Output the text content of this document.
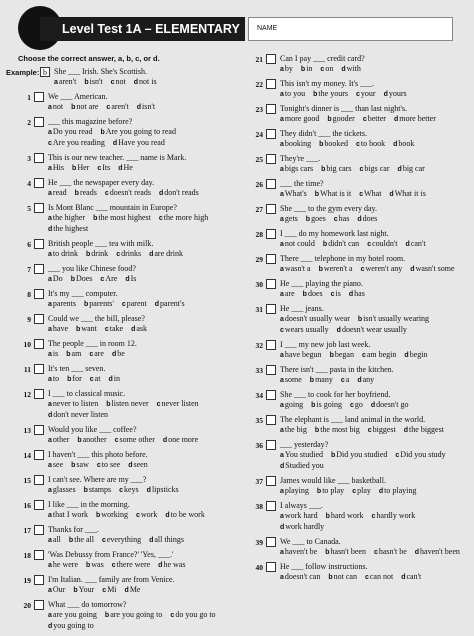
Level Test 1A – ELEMENTARY	NAME

Choose the correct answer, a, b, c, or d.

Example: b She ___ Irish. She's Scottish.
aaren't bisn't cnot dnot is
1 We ___ American.
anot bnot are caren't disn't
2 ___ this magazine before?
aDo you read bAre you going to read cAre you reading dHave you read
3 This is our new teacher. ___ name is Mark.
aHis bHer cIts dHe
4 He ___ the newspaper every day.
aread breads cdoesn't reads ddon't reads
5 Is Mont Blanc ___ mountain in Europe?
athe higher bthe most highest cthe more high dthe highest
6 British people ___ tea with milk.
ato drink bdrink cdrinks dare drink
7 ___ you like Chinese food?
aDo bDoes cAre dIs
8 It's my ___ computer.
aparents bparents' cparent dparent's
9 Could we ___ the bill, please?
ahave bwant ctake dask
10 The people ___ in room 12.
ais bam care dbe
11 It's ten ___ seven.
ato bfor cat din
12 I ___ to classical music.
anever to listen blisten never cnever listen ddon't never listen
13 Would you like ___ coffee?
aother banother csome other done more
14 I haven't ___ this photo before.
asee bsaw cto see dseen
15 I can't see. Where are my ___?
aglasses bstamps ckeys dlipsticks
16 I like ___ in the morning.
athat I work bworking cwork dto be work
17 Thanks for ___.
aall bthe all ceverything dall things
18 'Was Debussy from France?' 'Yes, ___.'
ahe were bwas cthere were dhe was
19 I'm Italian. ___ family are from Venice.
aOur bYour cMi dMe
20 What ___ do tomorrow?
aare you going bare you going to cdo you go to dyou going to
21 Can I pay ___ credit card?
aby bin con dwith
22 This isn't my money. It's ___.
ato you bthe yours cyour dyours
23 Tonight's dinner is ___ than last night's.
amore good bgooder cbetter dmore better
24 They didn't ___ the tickets.
abooking bbooked cto book dbook
25 They're ___.
abigs cars bbig cars cbigs car dbig car
26 ___ the time?
aWhat's bWhat is it cWhat dWhat it is
27 She ___ to the gym every day.
agets bgoes chas ddoes
28 I ___ do my homework last night.
anot could bdidn't can ccouldn't dcan't
29 There ___ telephone in my hotel room.
awasn't a bweren't a cweren't any dwasn't some
30 He ___ playing the piano.
aare bdoes cis dhas
31 He ___ jeans.
adoesn't usually wear bisn't usually wearing cwears usually ddoesn't wear usually
32 I ___ my new job last week.
ahave begun bbegan cam begin dbegin
33 There isn't ___ pasta in the kitchen.
asome bmany ca dany
34 She ___ to cook for her boyfriend.
agoing bis going cgo ddoesn't go
35 The elephant is ___ land animal in the world.
athe big bthe most big cbiggest dthe biggest
36 ___ yesterday?
aYou studied bDid you studied cDid you study dStudied you
37 James would like ___ basketball.
aplaying bto play cplay dto playing
38 I always ___.
awork hard bhard work chardly work dwork hardly
39 We ___ to Canada.
ahaven't be bhasn't been chasn't be dhaven't been
40 He ___ follow instructions.
adoesn't can bnot can ccan not dcan't
